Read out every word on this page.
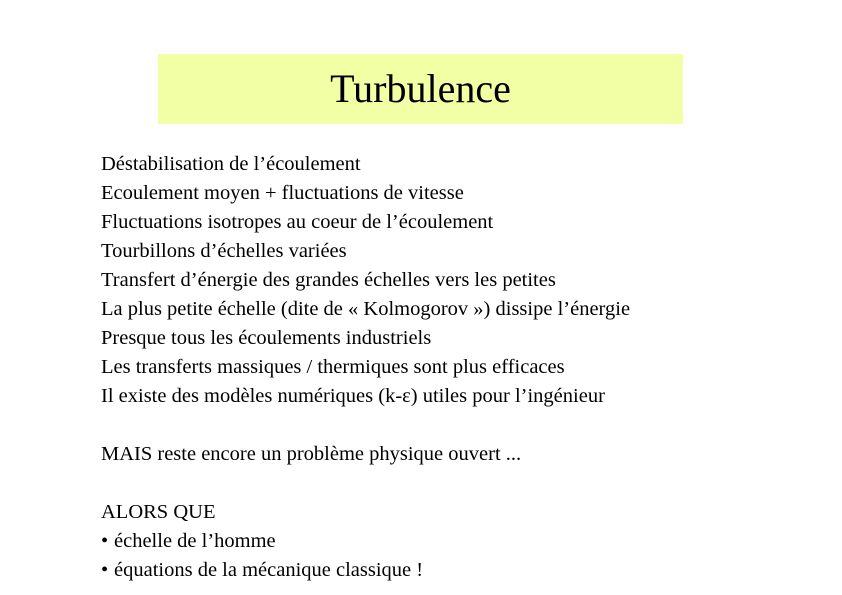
Turbulence
Déstabilisation de l’écoulement
Ecoulement moyen + fluctuations de vitesse
Fluctuations isotropes au coeur de l’écoulement
Tourbillons d’échelles variées
Transfert d’énergie des grandes échelles vers les petites
La plus petite échelle (dite de « Kolmogorov ») dissipe l’énergie
Presque tous les écoulements industriels
Les transferts massiques / thermiques sont plus efficaces
Il existe des modèles numériques (k-ε) utiles pour l’ingénieur
MAIS reste encore un problème physique ouvert ...
ALORS QUE
• échelle de l’homme
• équations de la mécanique classique !
